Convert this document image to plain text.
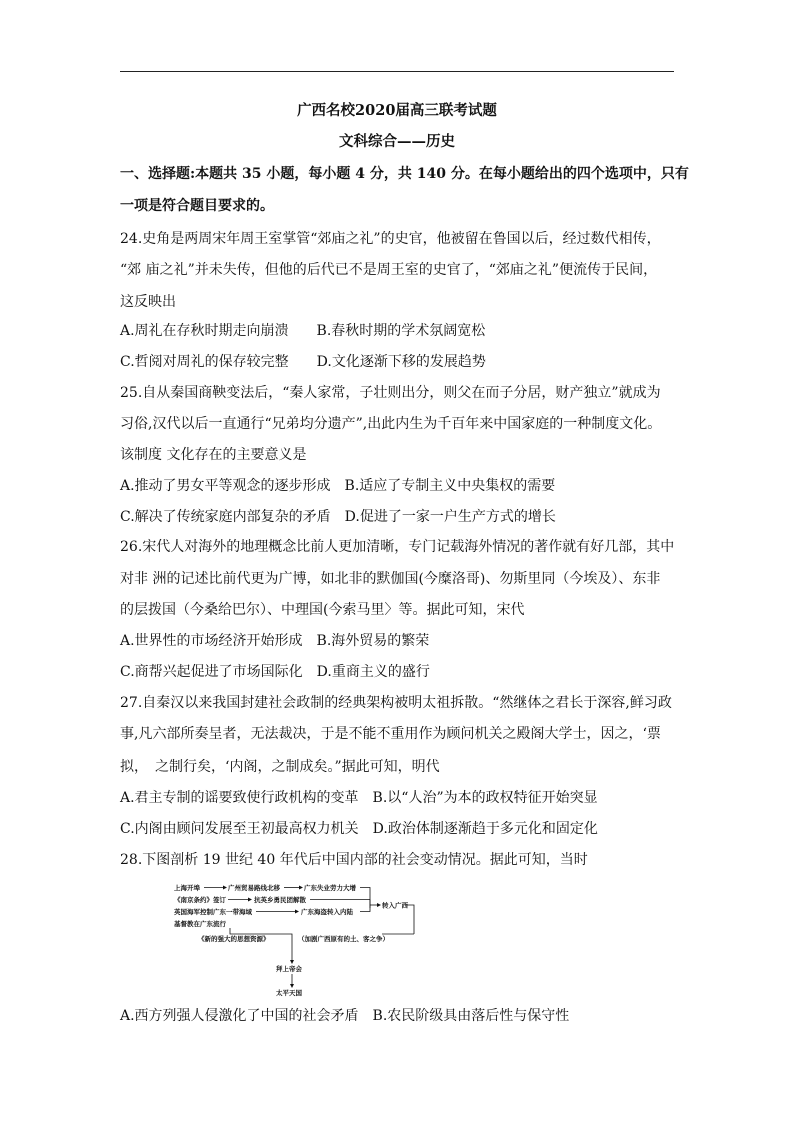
广西名校2020届高三联考试题
文科综合——历史
一、选择题:本题共 35 小题，每小题 4 分，共 140 分。在每小题给出的四个选项中，只有
一项是符合题目要求的。
24.史角是两周宋年周王室掌管“郊庙之礼”的史官，他被留在鲁国以后，经过数代相传，
“郊 庙之礼”并未失传，但他的后代已不是周王室的史官了，“郊庙之礼”便流传于民间，
这反映出
A.周礼在存秋时期走向崩溃　　B.春秋时期的学术氛阔宽松
C.哲阅对周礼的保存较完整　　D.文化逐渐下移的发展趋势
25.自从秦国商鞅变法后，“秦人家常，子壮则出分，则父在而子分居，财产独立”就成为
习俗,汉代以后一直通行“兄弟均分遗产”,出此内生为千百年来中国家庭的一种制度文化。
该制度 文化存在的主要意义是
A.推动了男女平等观念的逐步形成　B.适应了专制主义中央集权的需要
C.解决了传统家庭内部复杂的矛盾　D.促进了一家一户生产方式的增长
26.宋代人对海外的地理概念比前人更加清晰，专门记载海外情况的著作就有好几部，其中
对非 洲的记述比前代更为广博，如北非的默伽国(今糜洛哥)、勿斯里同（今埃及）、东非
的层拨国（今桑给巴尔）、中理国(今索马里〉等。据此可知，宋代
A.世界性的市场经济开始形成　B.海外贸易的繁荣
C.商帮兴起促进了市场国际化　D.重商主义的盛行
27.自秦汉以来我国封建社会政制的经典架构被明太祖拆散。“然继体之君长于深容,鲜习政
事,凡六部所奏呈者，无法裁决，于是不能不重用作为顾问机关之殿阁大学士，因之，‘票
拟，　之制行矣，‘内阁，之制成矣。”据此可知，明代
A.君主专制的谣要致使行政机构的变革　B.以“人治”为本的政权特征开始突显
C.内阁由顾问发展至王初最高权力机关　D.政治体制逐渐趋于多元化和固定化
28.下图剖析 19 世纪 40 年代后中国内部的社会变动情况。据此可知，当时
上海开埠	广州贸易路线北移	广东失业劳力大增
《南京条约》签订	抗英乡勇民团解散
英国海军控制广东一带海域	广东海盗转入内陆
转入广西
基督教在广东流行
《新的强大的思想资源》	（加剧广西原有的土、客之争）
拜上帝会
太平天国
A.西方列强人侵激化了中国的社会矛盾　B.农民阶级具由落后性与保守性
